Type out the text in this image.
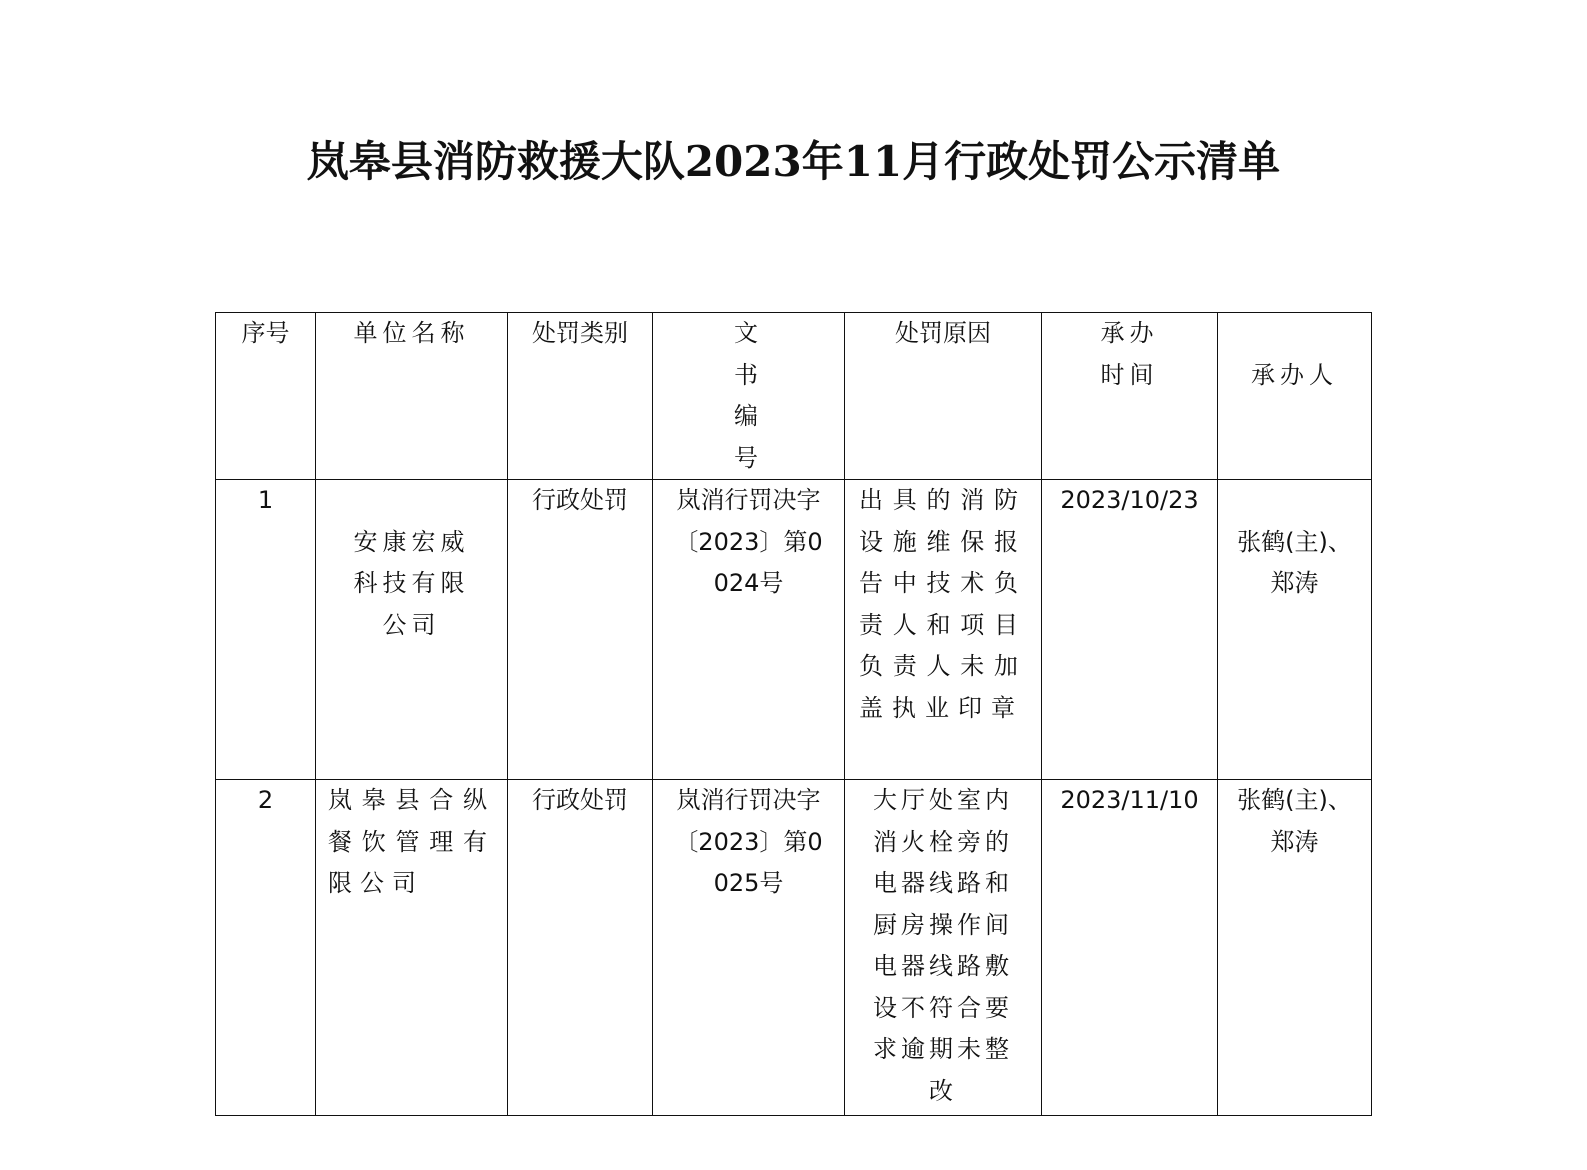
岚皋县消防救援大队2023年11月行政处罚公示清单
序号	单位名称	处罚类别	文书编号	处罚原因	承办时间	承办人

1	安康宏威科技有限公司	行政处罚	岚消行罚决字〔2023〕第0024号	出具的消防设施维保报告中技术负责人和项目负责人未加盖执业印章	2023/10/23	张鹤(主)、郑涛

2	岚皋县合纵餐饮管理有限公司	行政处罚	岚消行罚决字〔2023〕第0025号	大厅处室内消火栓旁的电器线路和厨房操作间电器线路敷设不符合要求逾期未整改	2023/11/10	张鹤(主)、郑涛
